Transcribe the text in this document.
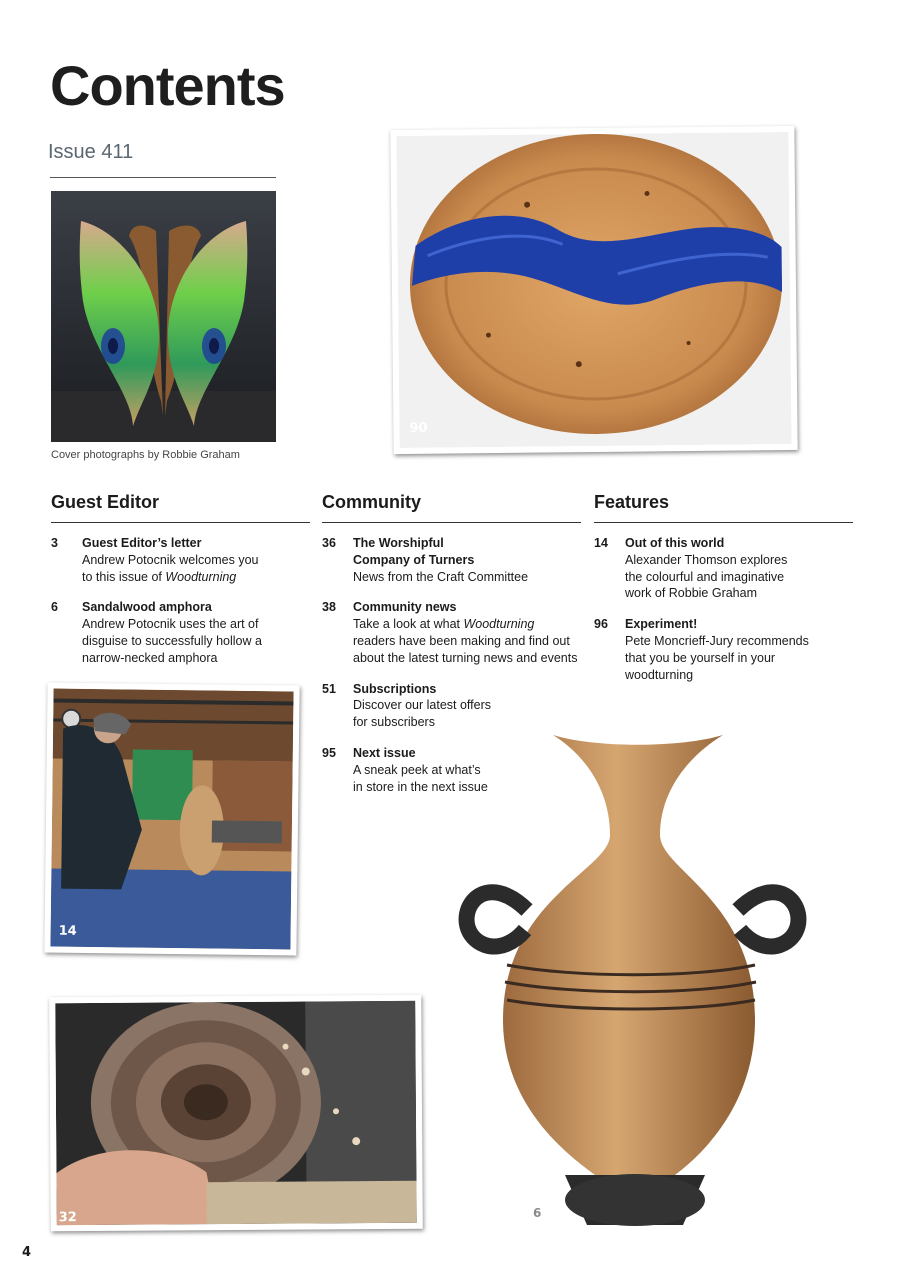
Contents
Issue 411
Cover photographs by Robbie Graham
90
14
32	6
Guest Editor
3	Guest Editor’s letter
Andrew Potocnik welcomes you to this issue of Woodturning
6	Sandalwood amphora
Andrew Potocnik uses the art of disguise to successfully hollow a narrow-necked amphora
Community
36	The Worshipful Company of Turners
News from the Craft Committee
38	Community news
Take a look at what Woodturning readers have been making and find out about the latest turning news and events
51	Subscriptions
Discover our latest offers for subscribers
95	Next issue
A sneak peek at what’s in store in the next issue
Features
14	Out of this world
Alexander Thomson explores the colourful and imaginative work of Robbie Graham
96	Experiment!
Pete Moncrieff-Jury recommends that you be yourself in your woodturning
4
